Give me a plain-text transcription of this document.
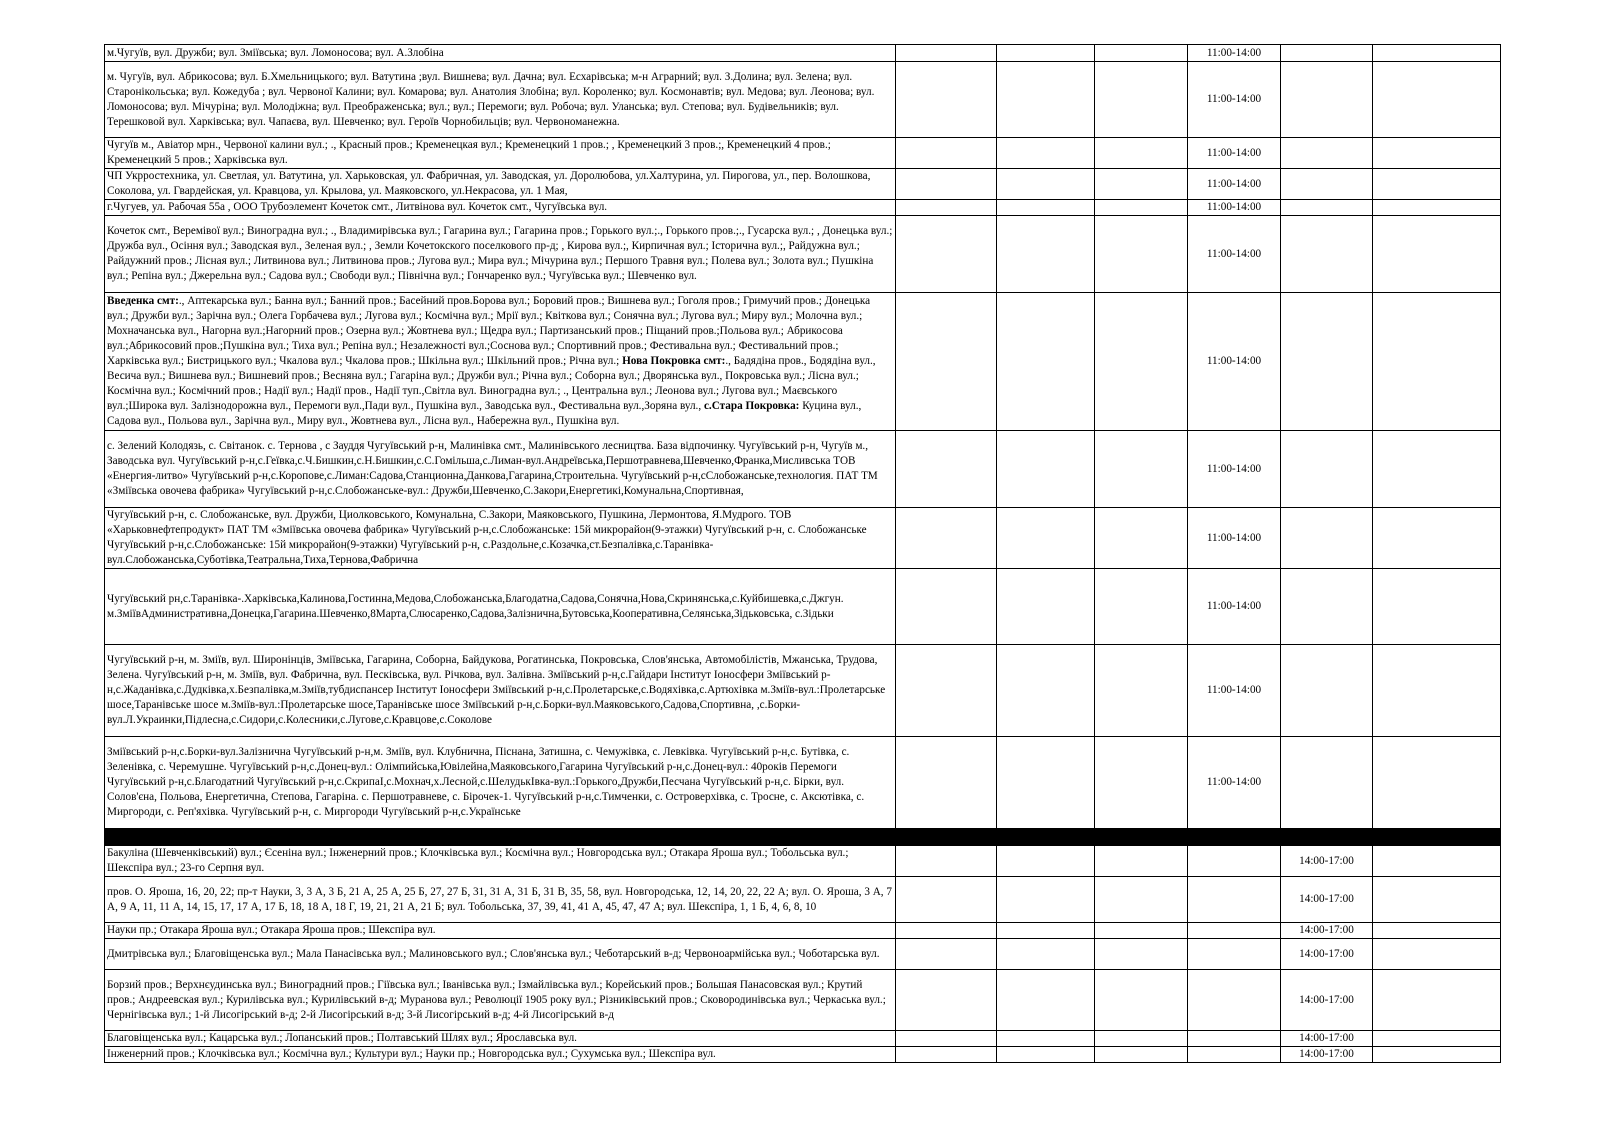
м.Чугуїв, вул. Дружби; вул. Зміївська; вул. Ломоносова; вул. А.Злобіна				11:00-14:00		
м. Чугуїв, вул. Абрикосова; вул. Б.Хмельницького; вул. Ватутина ;вул. Вишнева; вул. Дачна; вул. Есхарівська; м-н Аграрний; вул. З.Долина; вул. Зелена; вул. Старонікольська; вул. Кожедуба ; вул. Червоної Калини; вул. Комарова; вул. Анатолия Злобіна; вул. Короленко; вул. Космонавтів; вул. Медова; вул. Леонова; вул. Ломоносова; вул. Мічуріна; вул. Молодіжна; вул. Преображенська; вул.; вул.; Перемоги; вул. Робоча; вул. Уланська; вул. Степова; вул. Будівельників; вул. Терешковой вул. Харківська; вул. Чапаєва, вул. Шевченко; вул. Героїв Чорнобильців; вул. Червономанежна.				11:00-14:00		
Чугуїв м., Авіатор мрн., Червоної калини вул.; ., Красный пров.; Кременецкая вул.; Кременецкий 1 пров.; , Кременецкий 3 пров.;, Кременецкий 4 пров.; Кременецкий 5 пров.; Харківська вул.				11:00-14:00		
ЧП Укрростехника, ул. Светлая, ул. Ватутина, ул. Харьковская, ул. Фабричная, ул. Заводская, ул. Доролюбова, ул.Халтурина, ул. Пирогова, ул., пер. Волошкова, Соколова, ул. Гвардейская, ул. Кравцова, ул. Крылова, ул. Маяковского, ул.Некрасова, ул. 1 Мая,				11:00-14:00		
г.Чугуев, ул. Рабочая 55а , ООО Трубоэлемент Кочеток смт., Литвінова вул. Кочеток смт., Чугуївська вул.				11:00-14:00		
Кочеток смт., Веремівої вул.; Виноградна вул.; ., Владимирівська вул.; Гагарина вул.; Гагарина пров.; Горького вул.;., Горького пров.;., Гусарска вул.; , Донецька вул.; Дружба вул., Осіння вул.; Заводская вул., Зеленая вул.; , Земли Кочетокского поселкового пр-д; , Кирова вул.;, Кирпичная вул.; Історична вул.;, Райдужна вул.; Райдужний пров.; Лісная вул.; Литвинова вул.; Литвинова пров.; Лугова вул.; Мира вул.; Мічурина вул.; Першого Травня вул.; Полева вул.; Золота вул.; Пушкіна вул.; Репіна вул.; Джерельна вул.; Садова вул.; Свободи вул.; Північна вул.; Гончаренко вул.; Чугуївська вул.; Шевченко вул.				11:00-14:00		
Введенка смт:., Аптекарська вул.; Банна вул.; Банний пров.; Басейний пров.Борова вул.; Боровий пров.; Вишнева вул.; Гоголя пров.; Гримучий пров.; Донецька вул.; Дружби вул.; Зарічна вул.; Олега Горбачева вул.; Лугова вул.; Космічна вул.; Мрії вул.; Квіткова вул.; Сонячна вул.; Лугова вул.; Миру вул.; Молочна вул.; Мохначанська вул., Нагорна вул.;Нагорний пров.; Озерна вул.; Жовтнева вул.; Щедра вул.; Партизанський пров.; Піщаний пров.;Польова вул.; Абрикосова вул.;Абрикосовий пров.;Пушкіна вул.; Тиха вул.; Репіна вул.; Незалежності вул.;Соснова вул.; Спортивний пров.; Фестивальна вул.; Фестивальний пров.; Харківська вул.; Бистрицького вул.; Чкалова вул.; Чкалова пров.; Шкільна вул.; Шкільний пров.; Річна вул.; Нова Покровка смт:., Бадядіна пров., Бодядіна вул., Весича вул.; Вишнева вул.; Вишневий пров.; Весняна вул.; Гагаріна вул.; Дружби вул.; Річна вул.; Соборна вул.; Дворянська вул., Покровська вул.; Лісна вул.; Космічна вул.; Космічний пров.; Надії вул.; Надії пров., Надії туп.,Світла вул. Виноградна вул.; ., Центральна вул.; Леонова вул.; Лугова вул.; Маєвського вул.;Широка вул. Залізнодорожна вул., Перемоги вул.,Пади вул., Пушкіна вул., Заводська вул., Фестивальна вул.,Зоряна вул., с.Стара Покровка: Куцина вул., Садова вул., Польова вул., Зарічна вул., Миру вул., Жовтнева вул., Лісна вул., Набережна вул., Пушкіна вул.				11:00-14:00		
с. Зелений Колодязь, с. Світанок. с. Тернова , с Зауддя Чугуївський р-н, Малинівка смт., Малинівського лесництва. База відпочинку. Чугуївський р-н, Чугуїв м., Заводська вул. Чугуївський р-н,с.Геївка,с.Ч.Бишкин,с.Н.Бишкин,с.С.Гомільша,с.Лиман-вул.Андреївська,Першотравнева,Шевченко,Франка,Мисливська ТОВ «Енергия-литво» Чугуївський р-н,с.Коропове,с.Лиман:Садова,Станционна,Данкова,Гагарина,Строительна. Чугуївський р-н,сСлобожанське,технология. ПАТ ТМ «Зміївська овочева фабрика» Чугуївський р-н,с.Слобожанське-вул.: Дружби,Шевченко,С.Закори,Енергетикі,Комунальна,Спортивная,				11:00-14:00		
Чугуївський р-н, с. Слобожанське, вул. Дружби, Циолковського, Комунальна, С.Закори, Маяковського, Пушкина, Лермонтова, Я.Мудрого. ТОВ «Харьковнефтепродукт» ПАТ ТМ «Зміївська овочева фабрика» Чугуївський р-н,с.Слобожанське: 15й микрорайон(9-этажки) Чугуївський р-н, с. Слобожанське Чугуївський р-н,с.Слобожанське: 15й микрорайон(9-этажки) Чугуївський р-н, с.Раздольне,с.Козачка,ст.Безпалівка,с.Таранівка-вул.Слобожанська,Суботівка,Театральна,Тиха,Тернова,Фабрична				11:00-14:00		
Чугуївський рн,с.Таранівка-.Харківська,Калинова,Гостинна,Медова,Слобожанська,Благодатна,Садова,Сонячна,Нова,Скринянська,с.Куйбишевка,с.Джгун. м.ЗміївАдминистративна,Донецка,Гагарина.Шевченко,8Марта,Слюсаренко,Садова,Залізнична,Бутовська,Кооперативна,Селянська,Зідьковська, с.Зідьки				11:00-14:00		
Чугуївський р-н, м. Зміїв, вул. Широнінців, Зміївська, Гагарина, Соборна, Байдукова, Рогатинська, Покровська, Слов'янська, Автомобілістів, Мжанська, Трудова, Зелена. Чугуївський р-н, м. Зміїв, вул. Фабрична, вул. Песківська, вул. Річкова, вул. Залівна. Зміївський р-н,с.Гайдари Інститут Іоносфери Зміївський р-н,с.Жаданівка,с.Дудківка,х.Безпалівка,м.Зміїв,тубдиспансер Інститут Іоносфери Зміївський р-н,с.Пролетарське,с.Водяхівка,с.Артюхівка м.Зміїв-вул.:Пролетарське шосе,Таранівське шосе м.Зміїв-вул.:Пролетарське шосе,Таранівське шосе Зміївський р-н,с.Борки-вул.Маяковського,Садова,Спортивна, ,с.Борки-вул.Л.Украинки,Підлесна,с.Сидори,с.Колесники,с.Лугове,с.Кравцове,с.Соколове				11:00-14:00		
Зміївський р-н,с.Борки-вул.Залізнична Чугуївський р-н,м. Зміїв, вул. Клубнична, Піснана, Затишна, с. Чемужівка, с. Левківка. Чугуївський р-н,с. Бутівка, с. Зеленівка, с. Черемушне. Чугуївський р-н,с.Донец-вул.: Олімпийська,Ювілейна,Маяковського,Гагарина Чугуївський р-н,с.Донец-вул.: 40років Перемоги Чугуївський р-н,с.Благодатний Чугуївський р-н,с.СкрипаІ,с.Мохнач,х.Лесной,с.ШелудькІвка-вул.:Горького,Дружби,Песчана Чугуївський р-н,с. Бірки, вул. Солов'єна, Польова, Енергетична, Степова, Гагаріна. с. Першотравневе, с. Бірочек-1. Чугуївський р-н,с.Тимченки, с. Островерхівка, с. Тросне, с. Аксютівка, с. Миргороди, с. Реп'яхівка. Чугуївський р-н, с. Миргороди Чугуївський р-н,с.Українське				11:00-14:00		

Бакуліна (Шевченківський) вул.; Єсеніна вул.; Інженерний пров.; Клочківська вул.; Космічна вул.; Новгородська вул.; Отакара Яроша вул.; Тобольська вул.; Шекспіра вул.; 23-го Серпня вул.					14:00-17:00	
пров. О. Яроша, 16, 20, 22; пр-т Науки, 3, 3 А, 3 Б, 21 А, 25 А, 25 Б, 27, 27 Б, 31, 31 А, 31 Б, 31 В, 35, 58, вул. Новгородська, 12, 14, 20, 22, 22 А; вул. О. Яроша, 3 А, 7 А, 9 А, 11, 11 А, 14, 15, 17, 17 А, 17 Б, 18, 18 А, 18 Г, 19, 21, 21 А, 21 Б; вул. Тобольська, 37, 39, 41, 41 А, 45, 47, 47 А; вул. Шекспіра, 1, 1 Б, 4, 6, 8, 10					14:00-17:00	
Науки пр.; Отакара Яроша вул.; Отакара Яроша пров.; Шекспіра вул.					14:00-17:00	
Дмитрівська вул.; Благовіщенська вул.; Мала Панасівська вул.; Малиновського вул.; Слов'янська вул.; Чеботарський в-д; Червоноармійська вул.; Чоботарська вул.					14:00-17:00	
Борзий пров.; Верхнєудинська вул.; Виноградний пров.; Гіївська вул.; Іванівська вул.; Ізмайлівська вул.; Корейський пров.; Большая Панасовская вул.; Крутий пров.; Андреевская вул.; Курилівська вул.; Курилівський в-д; Муранова вул.; Революції 1905 року вул.; Різниківський пров.; Сковородинівська вул.; Черкаська вул.; Чернігівська вул.; 1-й Лисогірський в-д; 2-й Лисогірський в-д; 3-й Лисогірський в-д; 4-й Лисогірський в-д					14:00-17:00	
Благовіщенська вул.; Кацарська вул.; Лопанський пров.; Полтавський Шлях вул.; Ярославська вул.					14:00-17:00	
Інженерний пров.; Клочківська вул.; Космічна вул.; Культури вул.; Науки пр.; Новгородська вул.; Сухумська вул.; Шекспіра вул.					14:00-17:00	
